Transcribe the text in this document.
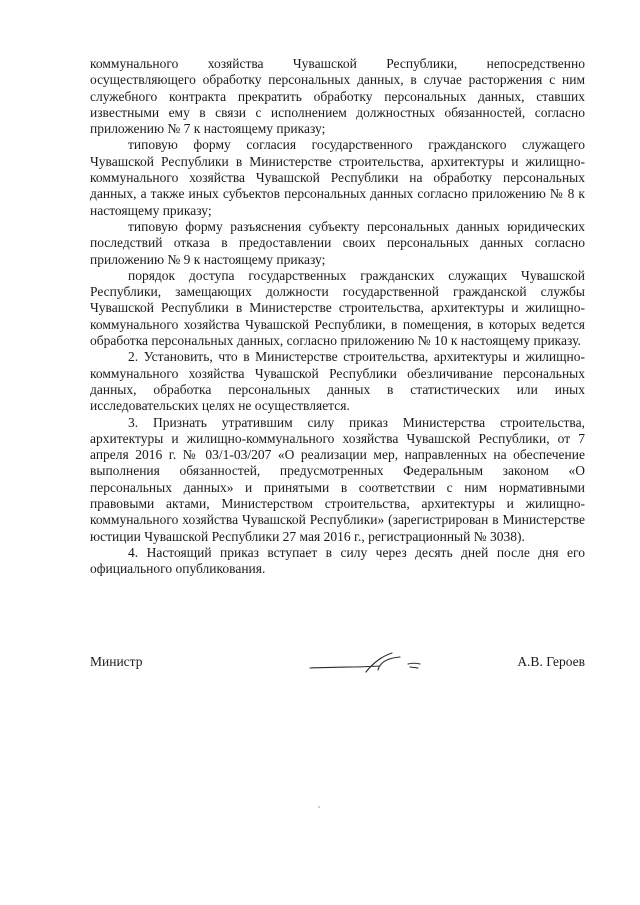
коммунального хозяйства Чувашской Республики, непосредственно осуществляющего обработку персональных данных, в случае расторжения с ним служебного контракта прекратить обработку персональных данных, ставших известными ему в связи с исполнением должностных обязанностей, согласно приложению № 7 к настоящему приказу;

типовую форму согласия государственного гражданского служащего Чувашской Республики в Министерстве строительства, архитектуры и жилищно-коммунального хозяйства Чувашской Республики на обработку персональных данных, а также иных субъектов персональных данных согласно приложению № 8 к настоящему приказу;

типовую форму разъяснения субъекту персональных данных юридических последствий отказа в предоставлении своих персональных данных согласно приложению № 9 к настоящему приказу;

порядок доступа государственных гражданских служащих Чувашской Республики, замещающих должности государственной гражданской службы Чувашской Республики в Министерстве строительства, архитектуры и жилищно-коммунального хозяйства Чувашской Республики, в помещения, в которых ведется обработка персональных данных, согласно приложению № 10 к настоящему приказу.

2. Установить, что в Министерстве строительства, архитектуры и жилищно-коммунального хозяйства Чувашской Республики обезличивание персональных данных, обработка персональных данных в статистических или иных исследовательских целях не осуществляется.

3. Признать утратившим силу приказ Министерства строительства, архитектуры и жилищно-коммунального хозяйства Чувашской Республики, от 7 апреля 2016 г. № 03/1-03/207 «О реализации мер, направленных на обеспечение выполнения обязанностей, предусмотренных Федеральным законом «О персональных данных» и принятыми в соответствии с ним нормативными правовыми актами, Министерством строительства, архитектуры и жилищно-коммунального хозяйства Чувашской Республики» (зарегистрирован в Министерстве юстиции Чувашской Республики 27 мая 2016 г., регистрационный № 3038).

4. Настоящий приказ вступает в силу через десять дней после дня его официального опубликования.

Министр	А.В. Героев
